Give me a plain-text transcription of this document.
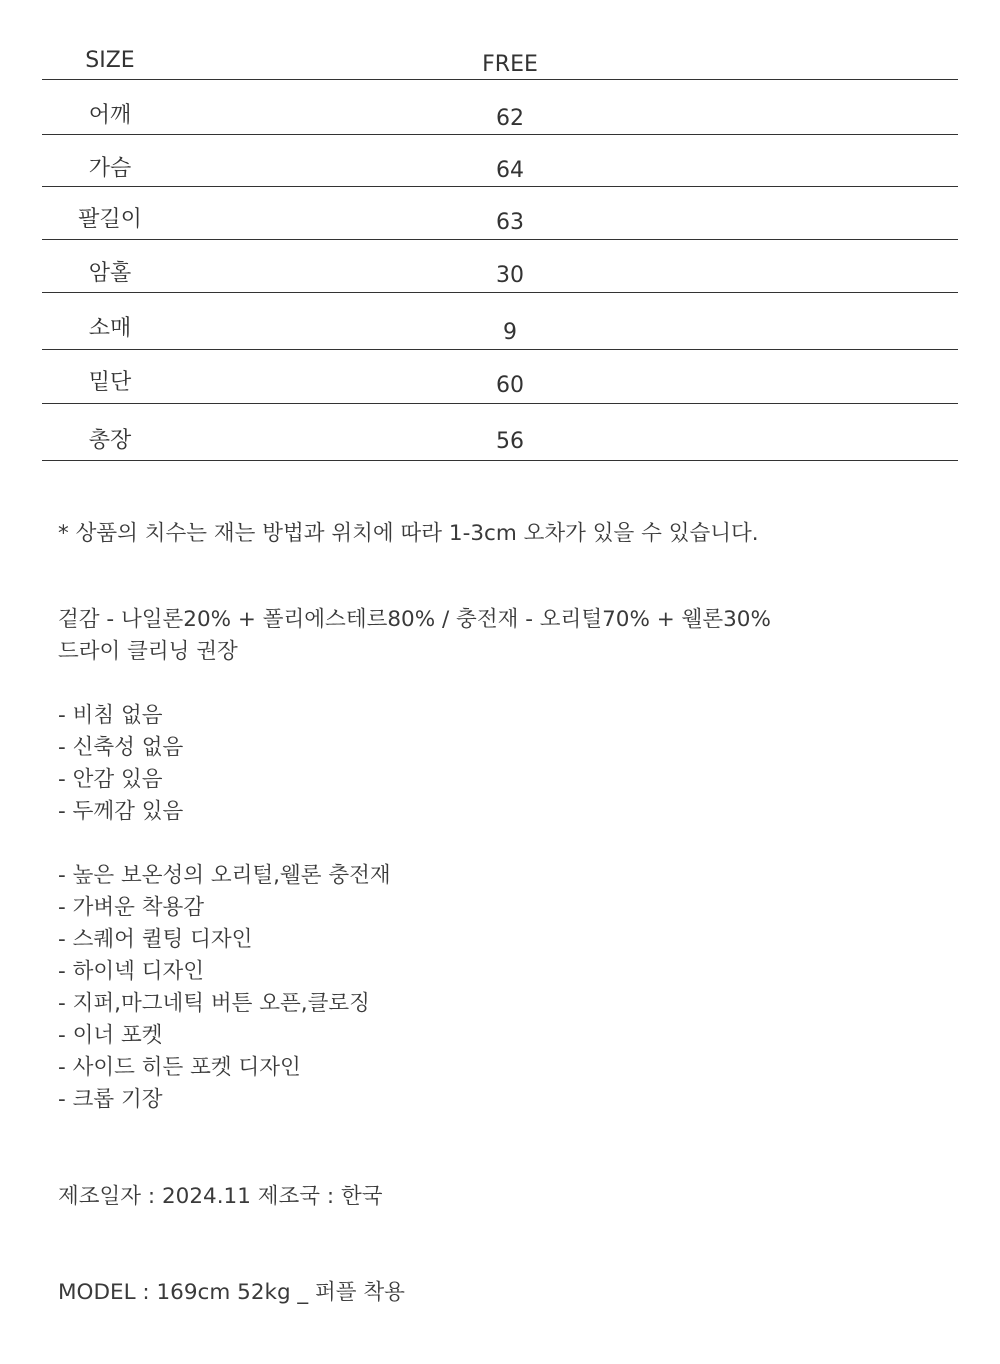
SIZE	FREE
어깨	62
가슴	64
팔길이	63
암홀	30
소매	9
밑단	60
총장	56
* 상품의 치수는 재는 방법과 위치에 따라 1-3cm 오차가 있을 수 있습니다.
겉감 - 나일론20% + 폴리에스테르80% / 충전재 - 오리털70% + 웰론30%
드라이 클리닝 권장
- 비침 없음
- 신축성 없음
- 안감 있음
- 두께감 있음
- 높은 보온성의 오리털,웰론 충전재
- 가벼운 착용감
- 스퀘어 퀼팅 디자인
- 하이넥 디자인
- 지퍼,마그네틱 버튼 오픈,클로징
- 이너 포켓
- 사이드 히든 포켓 디자인
- 크롭 기장
제조일자 : 2024.11 제조국 : 한국
MODEL : 169cm 52kg _ 퍼플 착용
